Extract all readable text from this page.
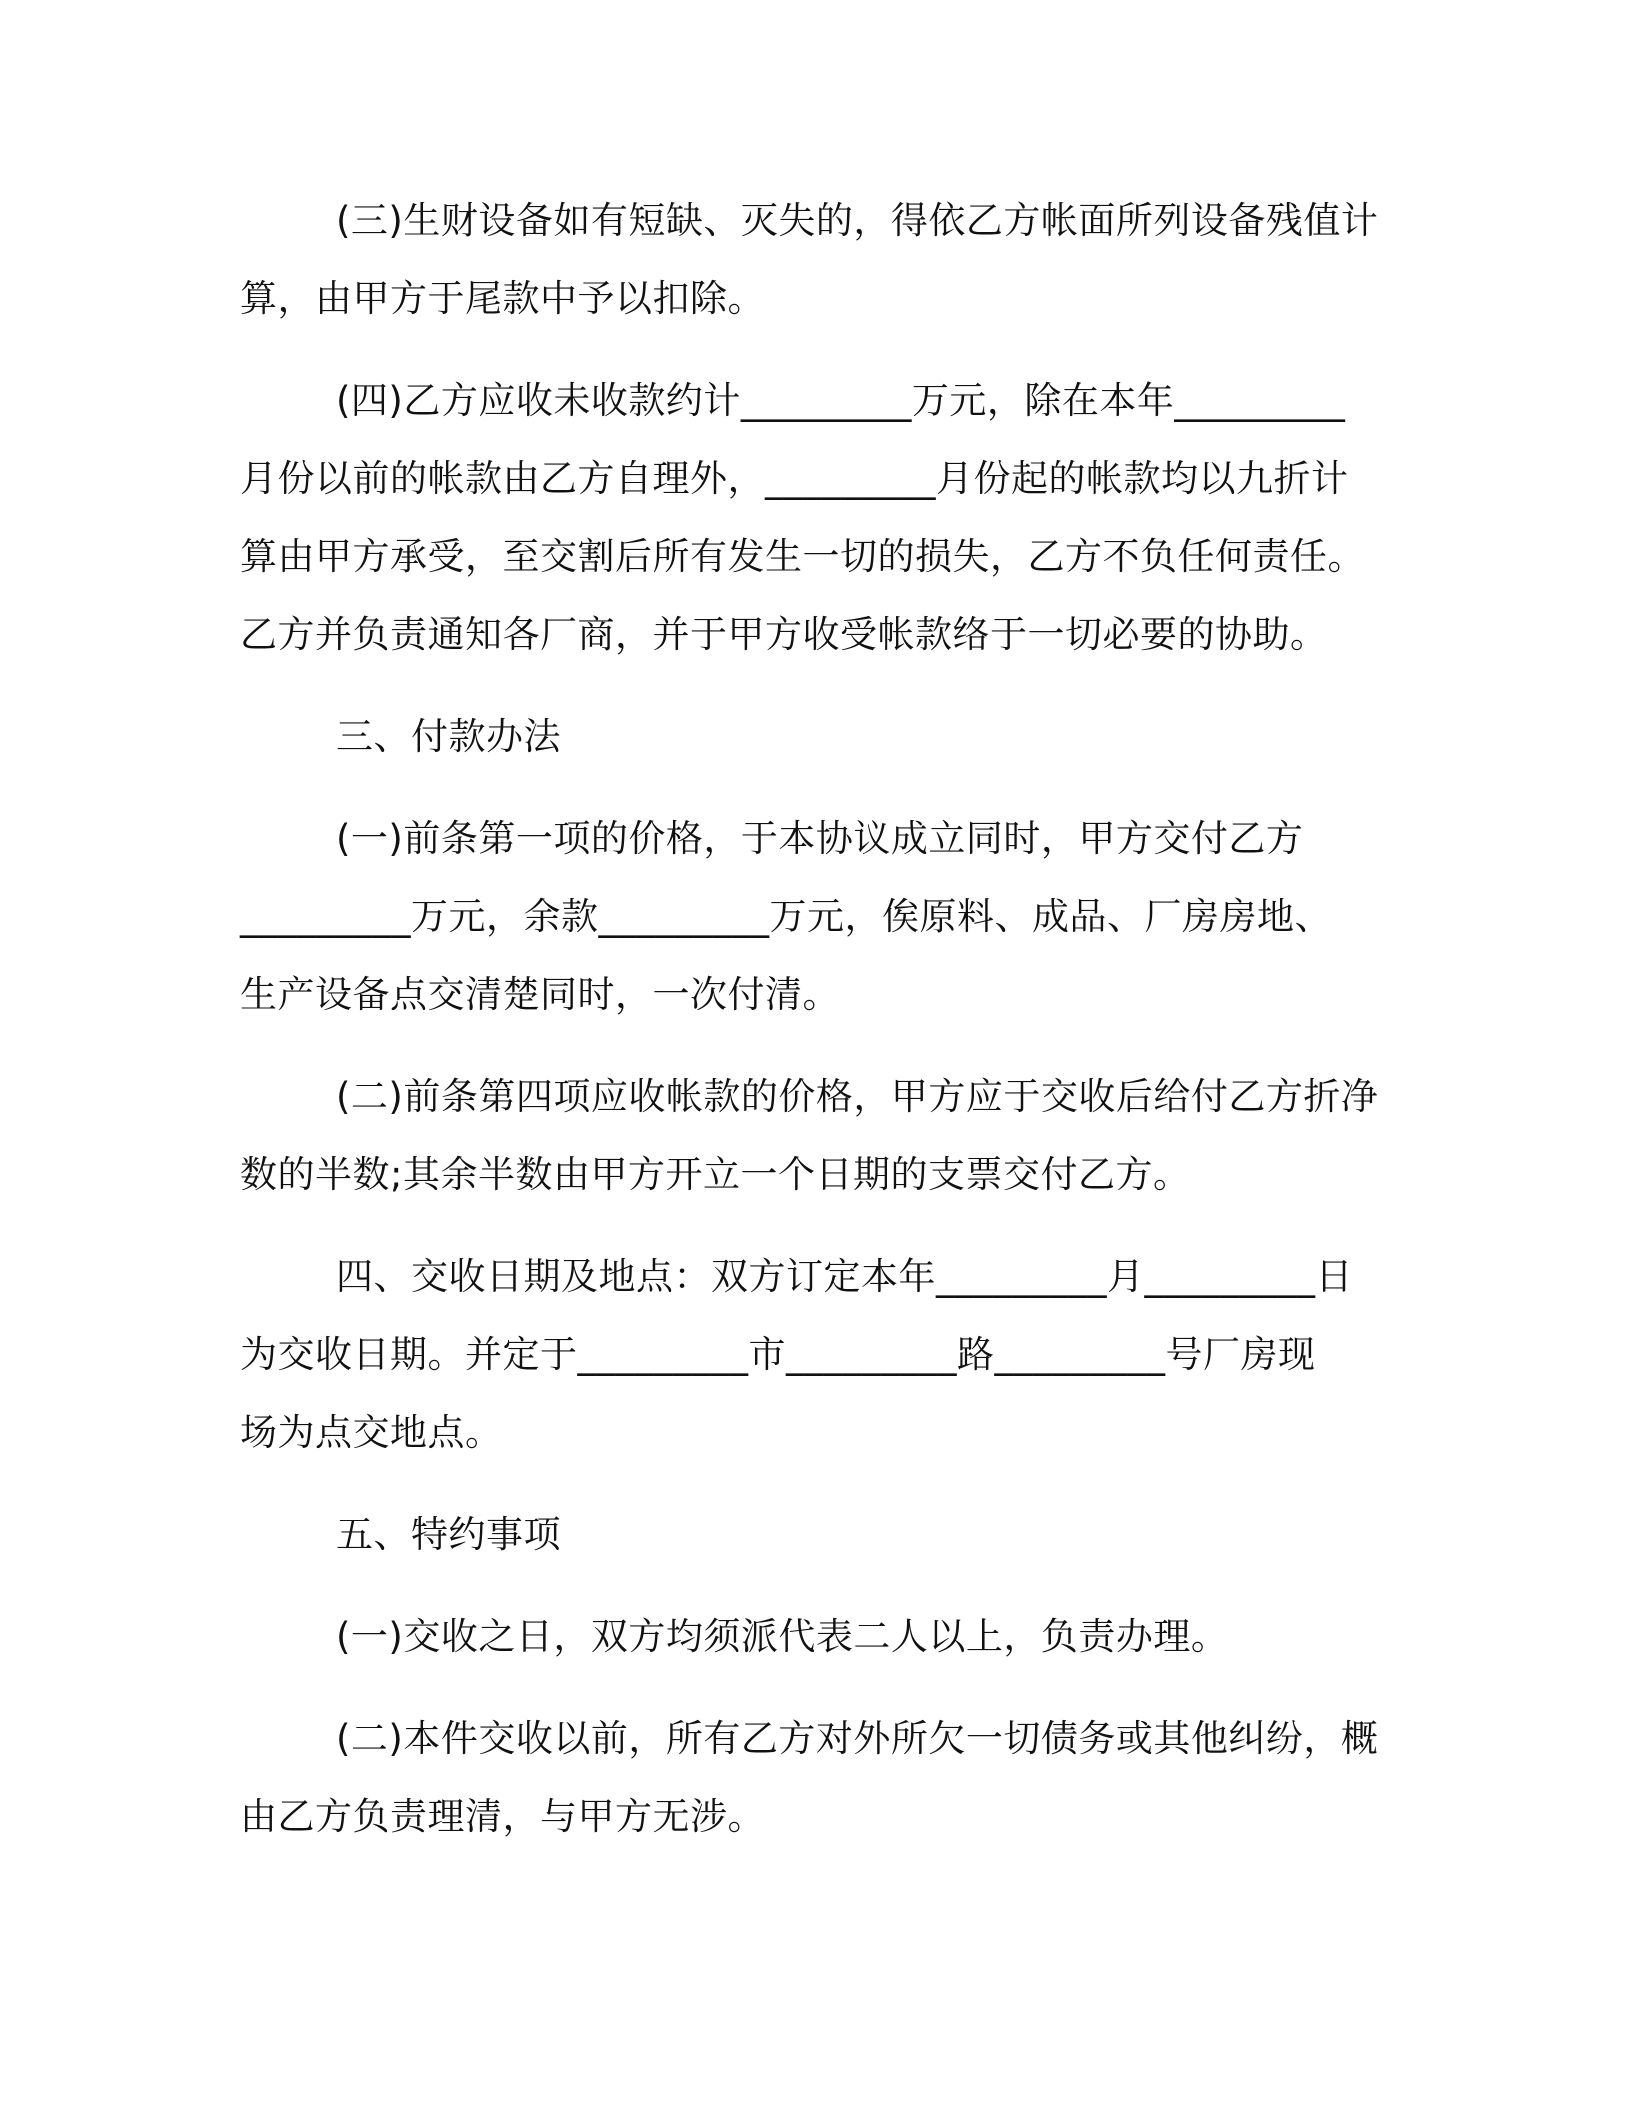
(三)生财设备如有短缺、灭失的，得依乙方帐面所列设备残值计
算，由甲方于尾款中予以扣除。

(四)乙方应收未收款约计_________万元，除在本年_________
月份以前的帐款由乙方自理外，_________月份起的帐款均以九折计
算由甲方承受，至交割后所有发生一切的损失，乙方不负任何责任。
乙方并负责通知各厂商，并于甲方收受帐款络于一切必要的协助。

三、付款办法

(一)前条第一项的价格，于本协议成立同时，甲方交付乙方
_________万元，余款_________万元，俟原料、成品、厂房房地、
生产设备点交清楚同时，一次付清。

(二)前条第四项应收帐款的价格，甲方应于交收后给付乙方折净
数的半数;其余半数由甲方开立一个日期的支票交付乙方。

四、交收日期及地点：双方订定本年_________月_________日
为交收日期。并定于_________市_________路_________号厂房现
场为点交地点。

五、特约事项

(一)交收之日，双方均须派代表二人以上，负责办理。

(二)本件交收以前，所有乙方对外所欠一切债务或其他纠纷，概
由乙方负责理清，与甲方无涉。
